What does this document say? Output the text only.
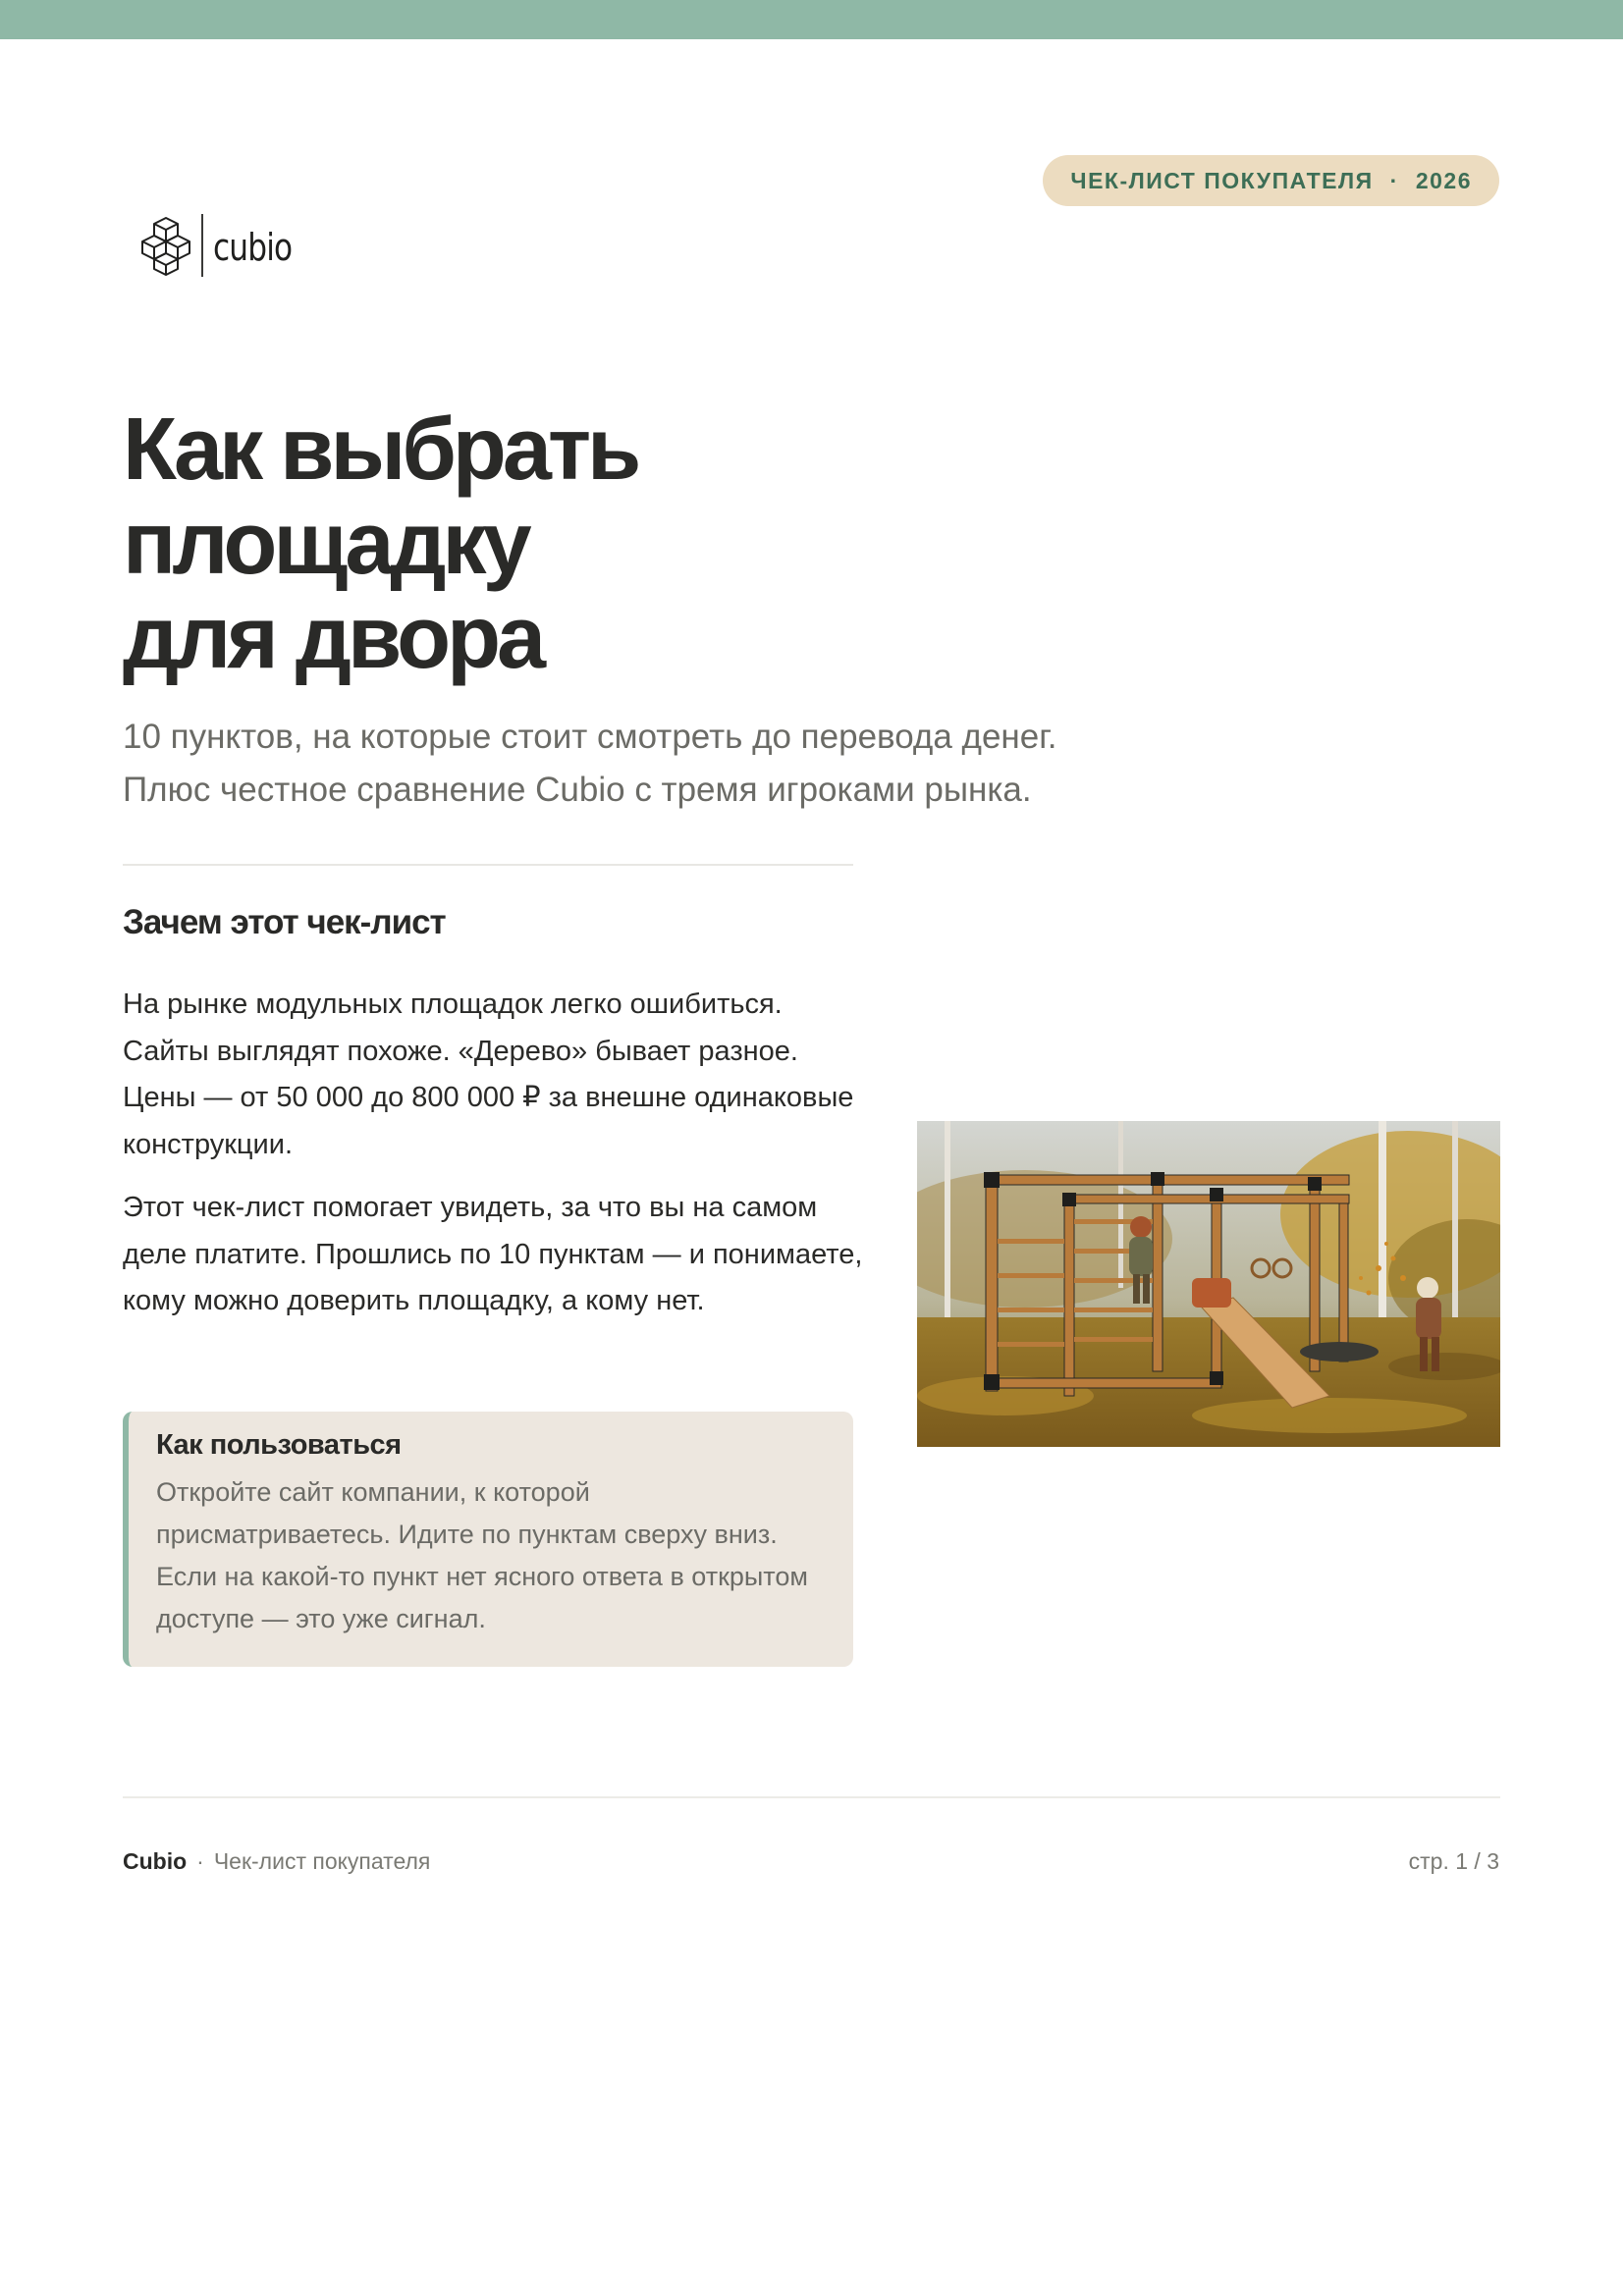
cubio
ЧЕК-ЛИСТ ПОКУПАТЕЛЯ · 2026
Как выбрать
площадку
для двора
10 пунктов, на которые стоит смотреть до перевода денег.
Плюс честное сравнение Cubio с тремя игроками рынка.
Зачем этот чек-лист
На рынке модульных площадок легко ошибиться. Сайты выглядят похоже. «Дерево» бывает разное. Цены — от 50 000 до 800 000 ₽ за внешне одинаковые конструкции.
Этот чек-лист помогает увидеть, за что вы на самом деле платите. Прошлись по 10 пунктам — и понимаете, кому можно доверить площадку, а кому нет.
Как пользоваться
Откройте сайт компании, к которой присматриваетесь. Идите по пунктам сверху вниз. Если на какой-то пункт нет ясного ответа в открытом доступе — это уже сигнал.
Cubio · Чек-лист покупателя	стр. 1 / 3
